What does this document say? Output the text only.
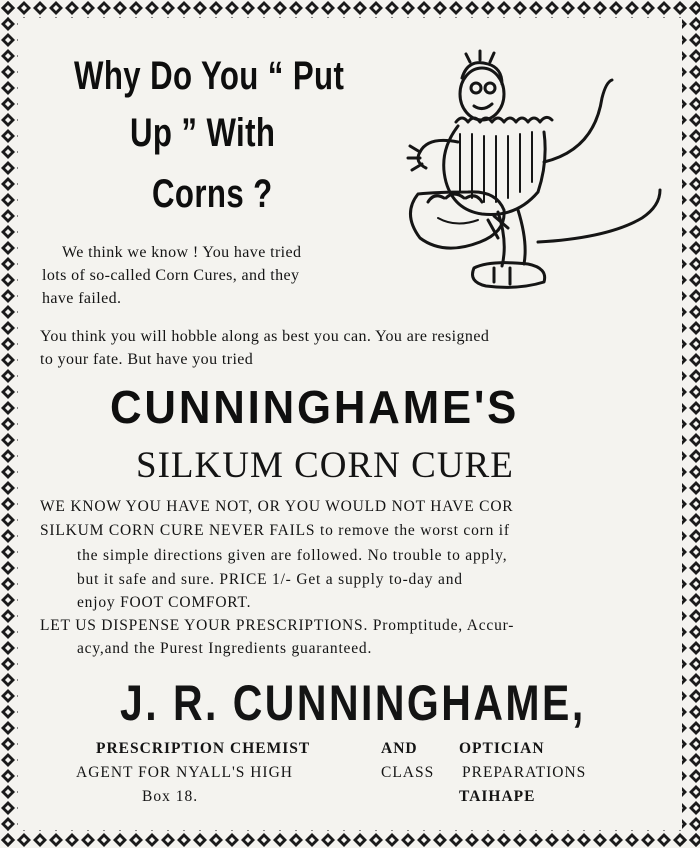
Why Do You “ Put
Up ” With
Corns ?
We think we know ! You have tried
lots of so-called Corn Cures, and they
have failed.
You think you will hobble along as best you can. You are resigned
to your fate. But have you tried
CUNNINGHAME'S
SILKUM CORN CURE
WE KNOW YOU HAVE NOT, OR YOU WOULD NOT HAVE COR
SILKUM CORN CURE NEVER FAILS to remove the worst corn if
the simple directions given are followed. No trouble to apply,
but it safe and sure. PRICE 1/- Get a supply to-day and
enjoy FOOT COMFORT.
LET US DISPENSE YOUR PRESCRIPTIONS. Promptitude, Accur-
acy,and the Purest Ingredients guaranteed.
J. R. CUNNINGHAME,
PRESCRIPTION CHEMIST	AND	OPTICIAN
AGENT FOR NYALL'S HIGH	CLASS PREPARATIONS
Box 18.	TAIHAPE
